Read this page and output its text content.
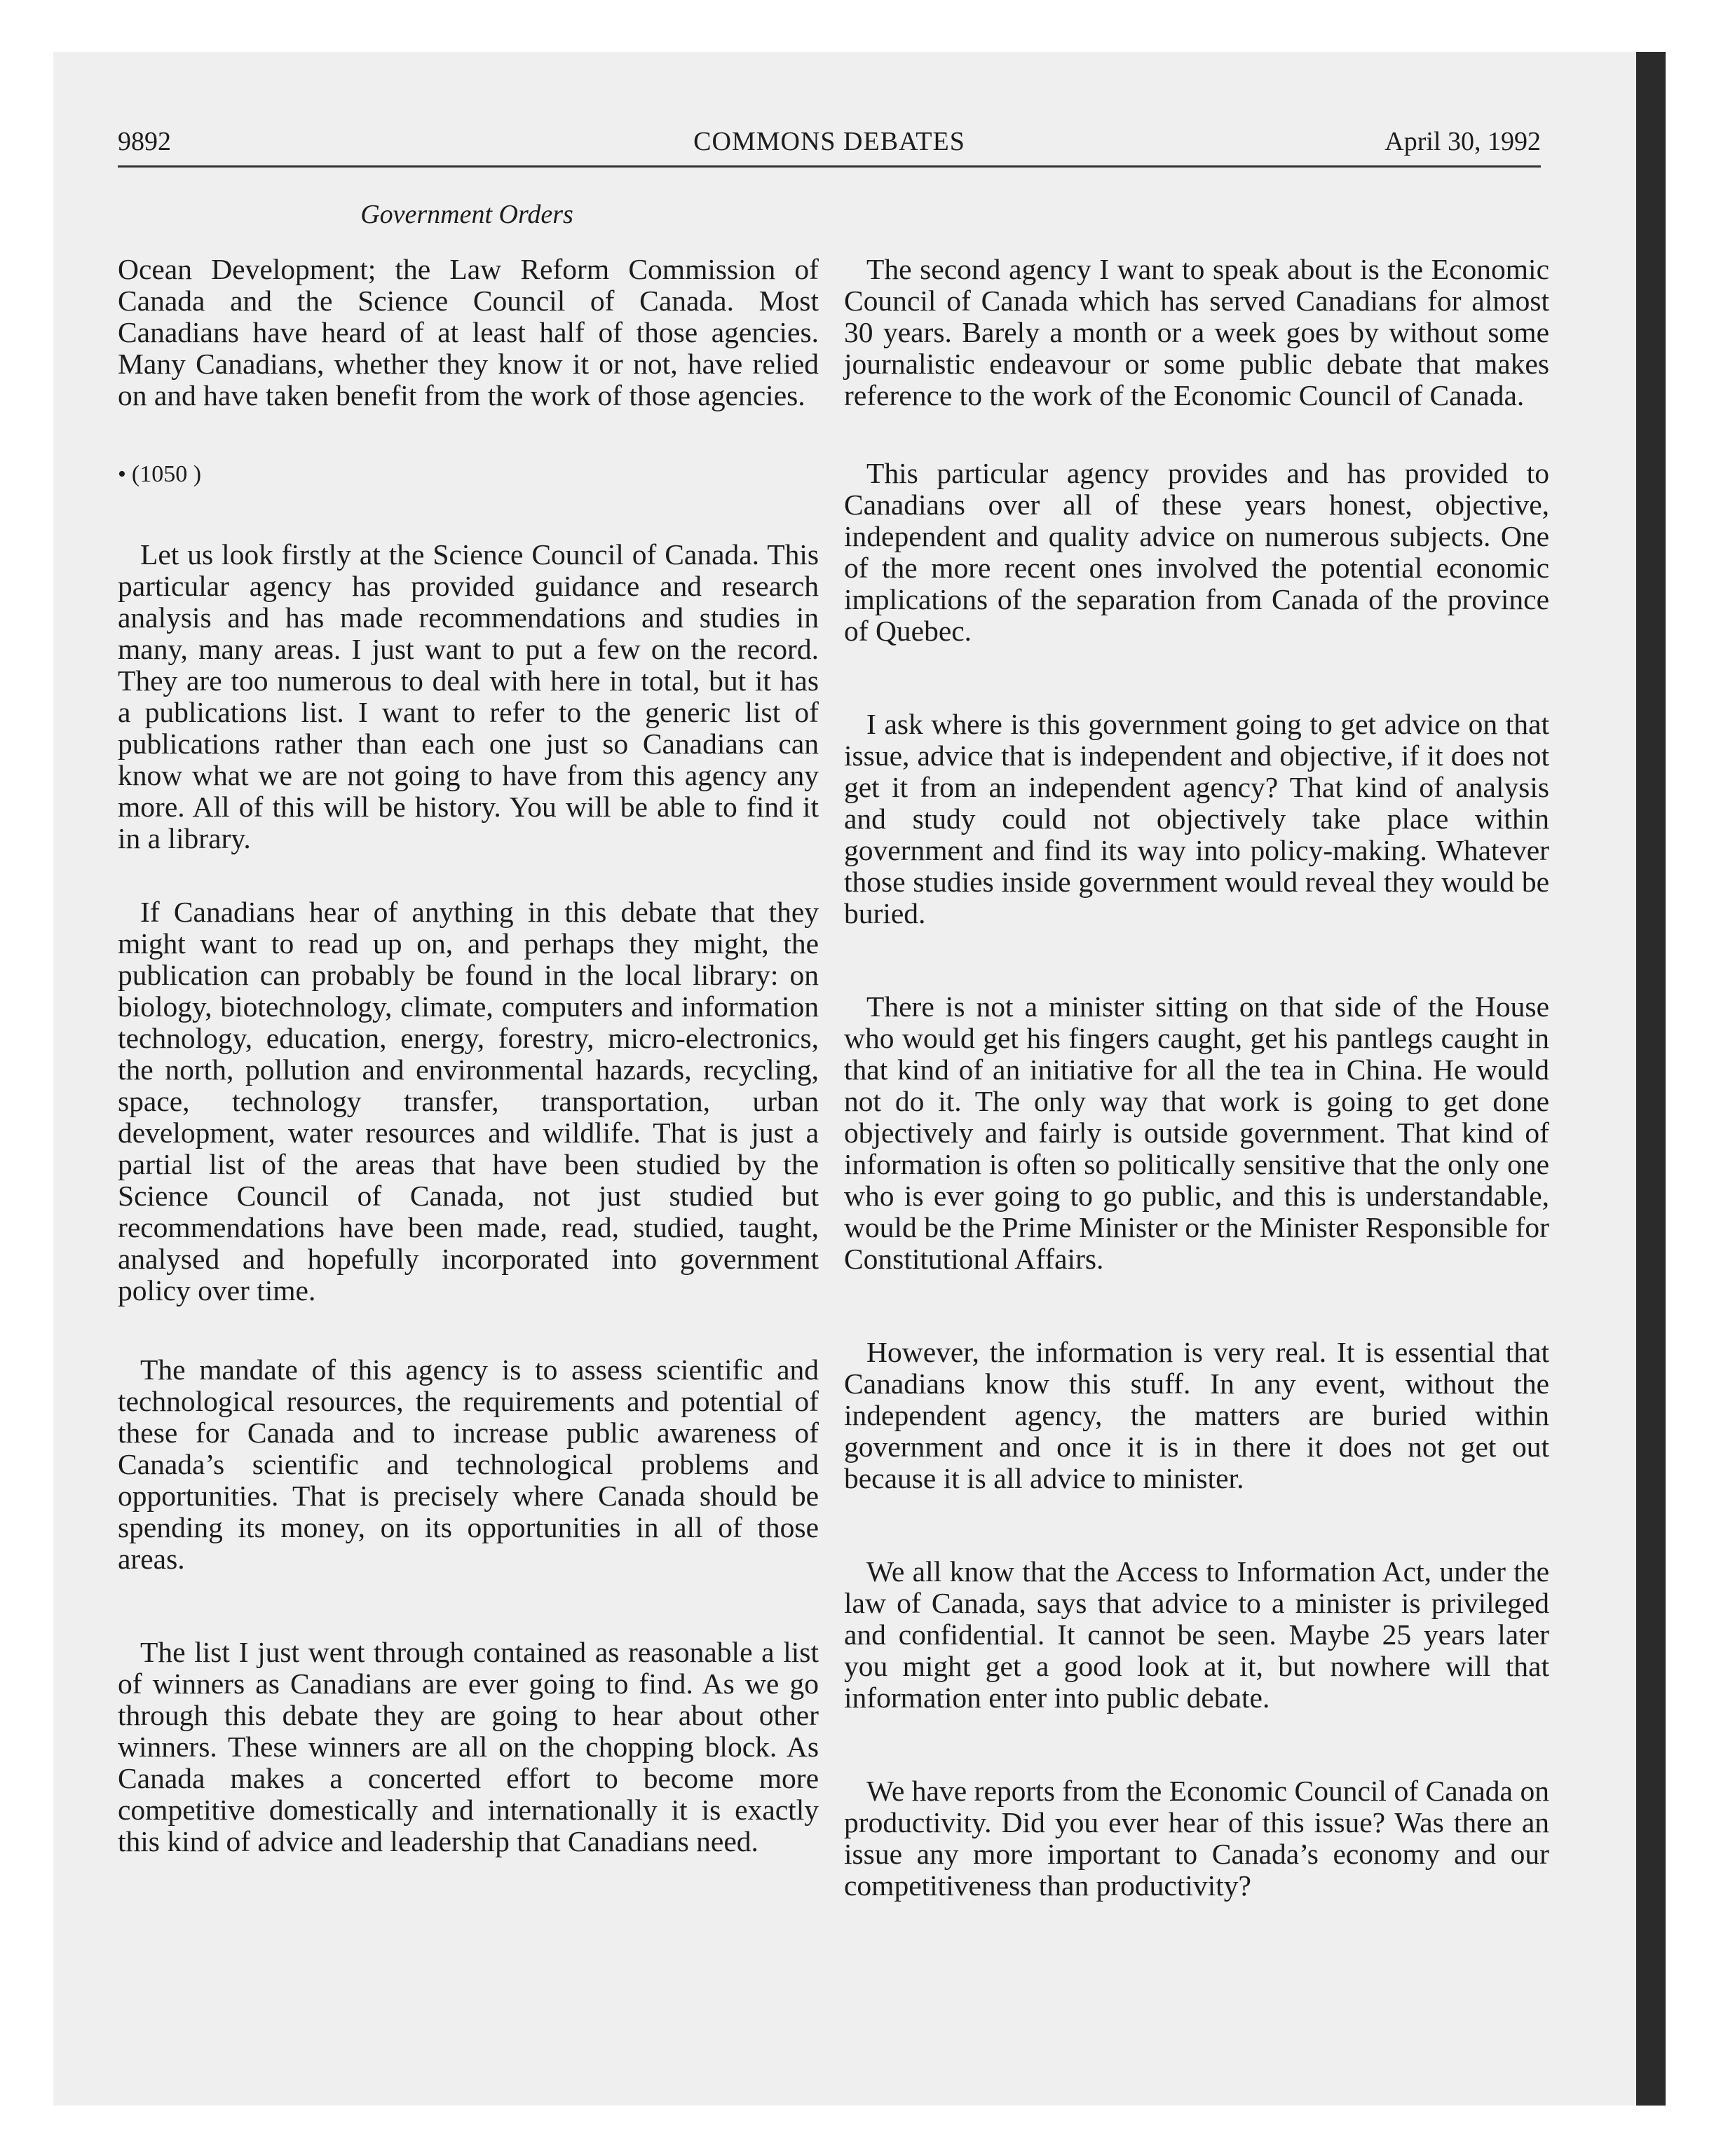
9892	COMMONS DEBATES	April 30, 1992
Government Orders

Ocean Development; the Law Reform Commission of Canada and the Science Council of Canada. Most Canadians have heard of at least half of those agencies. Many Canadians, whether they know it or not, have relied on and have taken benefit from the work of those agencies.

• (1050 )

Let us look firstly at the Science Council of Canada. This particular agency has provided guidance and research analysis and has made recommendations and studies in many, many areas. I just want to put a few on the record. They are too numerous to deal with here in total, but it has a publications list. I want to refer to the generic list of publications rather than each one just so Canadians can know what we are not going to have from this agency any more. All of this will be history. You will be able to find it in a library.

If Canadians hear of anything in this debate that they might want to read up on, and perhaps they might, the publication can probably be found in the local library: on biology, biotechnology, climate, computers and information technology, education, energy, forestry, micro-electronics, the north, pollution and environmental hazards, recycling, space, technology transfer, transportation, urban development, water resources and wildlife. That is just a partial list of the areas that have been studied by the Science Council of Canada, not just studied but recommendations have been made, read, studied, taught, analysed and hopefully incorporated into government policy over time.

The mandate of this agency is to assess scientific and technological resources, the requirements and potential of these for Canada and to increase public awareness of Canada’s scientific and technological problems and opportunities. That is precisely where Canada should be spending its money, on its opportunities in all of those areas.

The list I just went through contained as reasonable a list of winners as Canadians are ever going to find. As we go through this debate they are going to hear about other winners. These winners are all on the chopping block. As Canada makes a concerted effort to become more competitive domestically and internationally it is exactly this kind of advice and leadership that Canadians need.

The second agency I want to speak about is the Economic Council of Canada which has served Canadians for almost 30 years. Barely a month or a week goes by without some journalistic endeavour or some public debate that makes reference to the work of the Economic Council of Canada.

This particular agency provides and has provided to Canadians over all of these years honest, objective, independent and quality advice on numerous subjects. One of the more recent ones involved the potential economic implications of the separation from Canada of the province of Quebec.

I ask where is this government going to get advice on that issue, advice that is independent and objective, if it does not get it from an independent agency? That kind of analysis and study could not objectively take place within government and find its way into policy-making. Whatever those studies inside government would reveal they would be buried.

There is not a minister sitting on that side of the House who would get his fingers caught, get his pantlegs caught in that kind of an initiative for all the tea in China. He would not do it. The only way that work is going to get done objectively and fairly is outside government. That kind of information is often so politically sensitive that the only one who is ever going to go public, and this is understandable, would be the Prime Minister or the Minister Responsible for Constitutional Affairs.

However, the information is very real. It is essential that Canadians know this stuff. In any event, without the independent agency, the matters are buried within government and once it is in there it does not get out because it is all advice to minister.

We all know that the Access to Information Act, under the law of Canada, says that advice to a minister is privileged and confidential. It cannot be seen. Maybe 25 years later you might get a good look at it, but nowhere will that information enter into public debate.

We have reports from the Economic Council of Canada on productivity. Did you ever hear of this issue? Was there an issue any more important to Canada’s economy and our competitiveness than productivity?
